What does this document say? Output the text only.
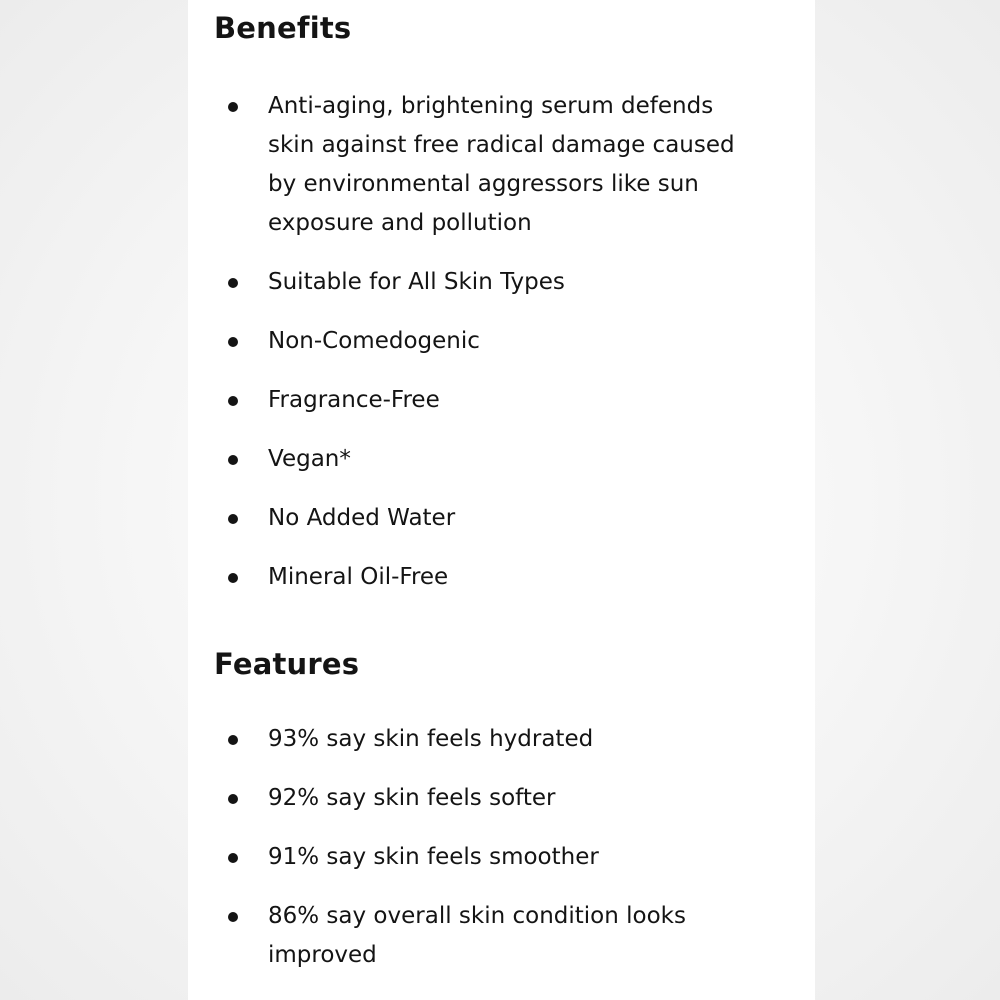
Benefits
Anti-aging, brightening serum defends skin against free radical damage caused by environmental aggressors like sun exposure and pollution
Suitable for All Skin Types
Non-Comedogenic
Fragrance-Free
Vegan*
No Added Water
Mineral Oil-Free
Features
93% say skin feels hydrated
92% say skin feels softer
91% say skin feels smoother
86% say overall skin condition looks improved
